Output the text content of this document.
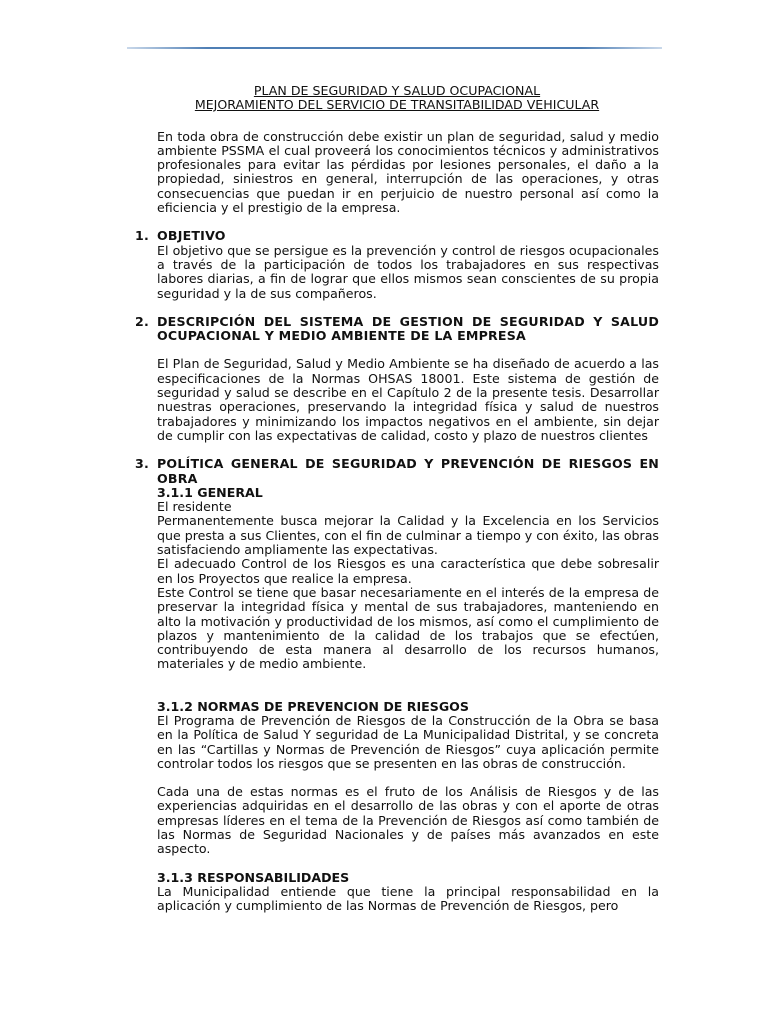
PLAN DE SEGURIDAD Y SALUD OCUPACIONAL
MEJORAMIENTO DEL SERVICIO DE TRANSITABILIDAD VEHICULAR

En toda obra de construcción debe existir un plan de seguridad, salud y medio ambiente PSSMA el cual proveerá los conocimientos técnicos y administrativos profesionales para evitar las pérdidas por lesiones personales, el daño a la propiedad, siniestros en general, interrupción de las operaciones, y otras consecuencias que puedan ir en perjuicio de nuestro personal así como la eficiencia y el prestigio de la empresa.

1. OBJETIVO

El objetivo que se persigue es la prevención y control de riesgos ocupacionales a través de la participación de todos los trabajadores en sus respectivas labores diarias, a fin de lograr que ellos mismos sean conscientes de su propia seguridad y la de sus compañeros.

2. DESCRIPCIÓN DEL SISTEMA DE GESTION DE SEGURIDAD Y SALUD OCUPACIONAL Y MEDIO AMBIENTE DE LA EMPRESA

El Plan de Seguridad, Salud y Medio Ambiente se ha diseñado de acuerdo a las especificaciones de la Normas OHSAS 18001. Este sistema de gestión de seguridad y salud se describe en el Capítulo 2 de la presente tesis. Desarrollar nuestras operaciones, preservando la integridad física y salud de nuestros trabajadores y minimizando los impactos negativos en el ambiente, sin dejar de cumplir con las expectativas de calidad, costo y plazo de nuestros clientes

3. POLÍTICA GENERAL DE SEGURIDAD Y PREVENCIÓN DE RIESGOS EN OBRA
3.1.1 GENERAL

El residente

Permanentemente busca mejorar la Calidad y la Excelencia en los Servicios que presta a sus Clientes, con el fin de culminar a tiempo y con éxito, las obras satisfaciendo ampliamente las expectativas.

El adecuado Control de los Riesgos es una característica que debe sobresalir en los Proyectos que realice la empresa.

Este Control se tiene que basar necesariamente en el interés de la empresa de preservar la integridad física y mental de sus trabajadores, manteniendo en alto la motivación y productividad de los mismos, así como el cumplimiento de plazos y mantenimiento de la calidad de los trabajos que se efectúen, contribuyendo de esta manera al desarrollo de los recursos humanos, materiales y de medio ambiente.

3.1.2 NORMAS DE PREVENCION DE RIESGOS

El Programa de Prevención de Riesgos de la Construcción de la Obra se basa en la Política de Salud Y seguridad de La Municipalidad Distrital, y se concreta en las “Cartillas y Normas de Prevención de Riesgos” cuya aplicación permite controlar todos los riesgos que se presenten en las obras de construcción.

Cada una de estas normas es el fruto de los Análisis de Riesgos y de las experiencias adquiridas en el desarrollo de las obras y con el aporte de otras empresas líderes en el tema de la Prevención de Riesgos así como también de las Normas de Seguridad Nacionales y de países más avanzados en este aspecto.

3.1.3 RESPONSABILIDADES

La Municipalidad entiende que tiene la principal responsabilidad en la aplicación y cumplimiento de las Normas de Prevención de Riesgos, pero
